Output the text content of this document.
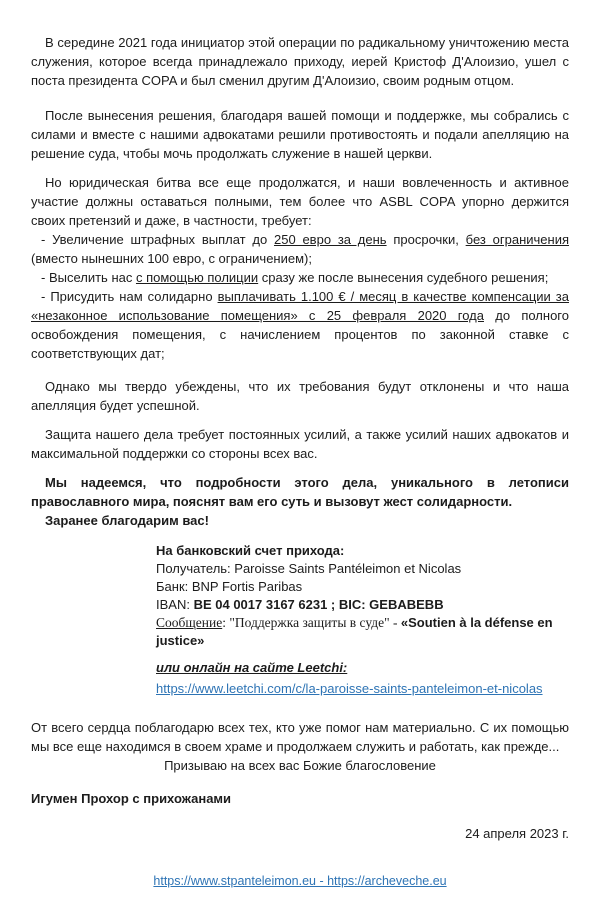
В середине 2021 года инициатор этой операции по радикальному уничтожению места служения, которое всегда принадлежало приходу, иерей Кристоф Д'Алоизио, ушел с поста президента COPA и был сменил другим Д'Алоизио, своим родным отцом.

После вынесения решения, благодаря вашей помощи и поддержке, мы собрались с силами и вместе с нашими адвокатами решили противостоять и подали апелляцию на решение суда, чтобы мочь продолжать служение в нашей церкви.

Но юридическая битва все еще продолжатся, и наши вовлеченность и активное участие должны оставаться полными, тем более что ASBL COPA упорно держится своих претензий и даже, в частности, требует:

- Увеличение штрафных выплат до 250 евро за день просрочки, без ограничения (вместо нынешних 100 евро, с ограничением);

- Выселить нас с помощью полиции сразу же после вынесения судебного решения;

- Присудить нам солидарно выплачивать 1.100 € / месяц в качестве компенсации за «незаконное использование помещения» с 25 февраля 2020 года до полного освобождения помещения, с начислением процентов по законной ставке с соответствующих дат;

Однако мы твердо убеждены, что их требования будут отклонены и что наша апелляция будет успешной.

Защита нашего дела требует постоянных усилий, а также усилий наших адвокатов и максимальной поддержки со стороны всех вас.

Мы надеемся, что подробности этого дела, уникального в летописи православного мира, пояснят вам его суть и вызовут жест солидарности.

Заранее благодарим вас!

На банковский счет прихода:
Получатель: Paroisse Saints Pantéleimon et Nicolas
Банк: BNP Fortis Paribas
IBAN: BE 04 0017 3167 6231 ; BIC: GEBABEBB
Сообщение: "Поддержка защиты в суде" - «Soutien à la défense en justice»
или онлайн на сайте Leetchi:
https://www.leetchi.com/c/la-paroisse-saints-panteleimon-et-nicolas

От всего сердца поблагодарю всех тех, кто уже помог нам материально. С их помощью мы все еще находимся в своем храме и продолжаем служить и работать, как прежде...

Призываю на всех вас Божие благословение

Игумен Прохор с прихожанами

24 апреля 2023 г.

https://www.stpanteleimon.eu - https://archeveche.eu
